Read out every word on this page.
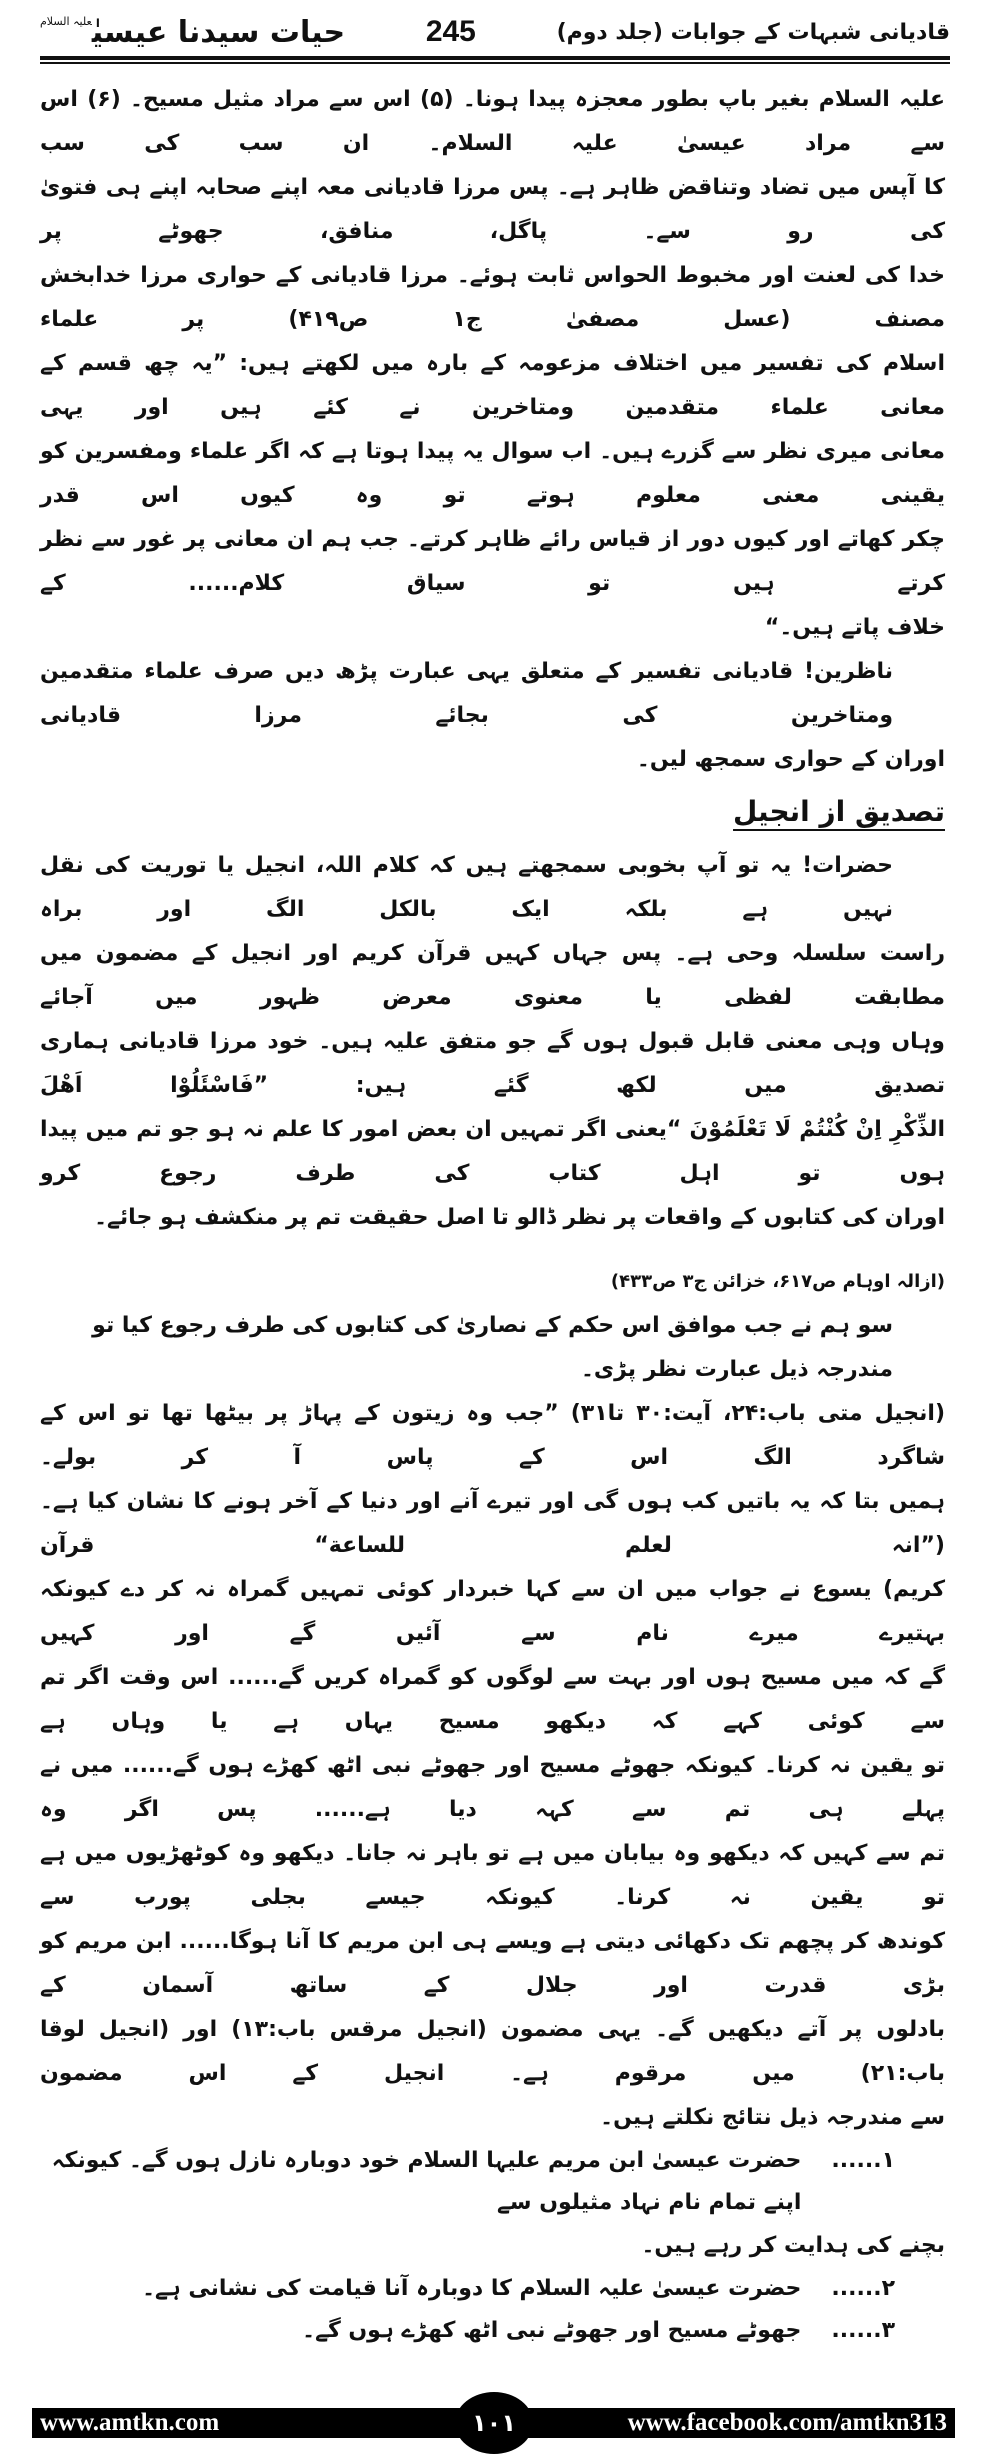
قادیانی شبہات کے جوابات (جلد دوم)
245
حیات سیدنا عیسیٰ$^{علیہ السلام}$
علیہ السلام بغیر باپ بطور معجزہ پیدا ہونا۔ (۵) اس سے مراد مثیل مسیح۔ (۶) اس سے مراد عیسیٰ علیہ السلام۔ ان سب کی سب
کا آپس میں تضاد وتناقض ظاہر ہے۔ پس مرزا قادیانی معہ اپنے صحابہ اپنے ہی فتویٰ کی رو سے۔ پاگل، منافق، جھوٹے پر
خدا کی لعنت اور مخبوط الحواس ثابت ہوئے۔ مرزا قادیانی کے حواری مرزا خدابخش مصنف (عسل مصفیٰ ج۱ ص۴۱۹) پر علماء
اسلام کی تفسیر میں اختلاف مزعومہ کے بارہ میں لکھتے ہیں: ”یہ چھ قسم کے معانی علماء متقدمین ومتاخرین نے کئے ہیں اور یہی
معانی میری نظر سے گزرے ہیں۔ اب سوال یہ پیدا ہوتا ہے کہ اگر علماء ومفسرین کو یقینی معنی معلوم ہوتے تو وہ کیوں اس قدر
چکر کھاتے اور کیوں دور از قیاس رائے ظاہر کرتے۔ جب ہم ان معانی پر غور سے نظر کرتے ہیں تو سیاق کلام...... کے
خلاف پاتے ہیں۔“
ناظرین! قادیانی تفسیر کے متعلق یہی عبارت پڑھ دیں صرف علماء متقدمین ومتاخرین کی بجائے مرزا قادیانی
اوران کے حواری سمجھ لیں۔
تصدیق از انجیل
حضرات! یہ تو آپ بخوبی سمجھتے ہیں کہ کلام اللہ، انجیل یا توریت کی نقل نہیں ہے بلکہ ایک بالکل الگ اور براہ
راست سلسلہ وحی ہے۔ پس جہاں کہیں قرآن کریم اور انجیل کے مضمون میں مطابقت لفظی یا معنوی معرض ظہور میں آجائے
وہاں وہی معنی قابل قبول ہوں گے جو متفق علیہ ہیں۔ خود مرزا قادیانی ہماری تصدیق میں لکھ گئے ہیں: ”فَاسْئَلُوْا اَهْلَ
الذِّکْرِ اِنْ کُنْتُمْ لَا تَعْلَمُوْنَ “یعنی اگر تمہیں ان بعض امور کا علم نہ ہو جو تم میں پیدا ہوں تو اہل کتاب کی طرف رجوع کرو
اوران کی کتابوں کے واقعات پر نظر ڈالو تا اصل حقیقت تم پر منکشف ہو جائے۔
(ازالہ اوہام ص۶۱۷، خزائن ج۳ ص۴۳۳)
سو ہم نے جب موافق اس حکم کے نصاریٰ کی کتابوں کی طرف رجوع کیا تو مندرجہ ذیل عبارت نظر پڑی۔
(انجیل متی باب:۲۴، آیت:۳۰ تا۳۱) ”جب وہ زیتون کے پہاڑ پر بیٹھا تھا تو اس کے شاگرد الگ اس کے پاس آ کر بولے۔
ہمیں بتا کہ یہ باتیں کب ہوں گی اور تیرے آنے اور دنیا کے آخر ہونے کا نشان کیا ہے۔ (”انہ لعلم للساعة“ قرآن
کریم) یسوع نے جواب میں ان سے کہا خبردار کوئی تمہیں گمراہ نہ کر دے کیونکہ بہتیرے میرے نام سے آئیں گے اور کہیں
گے کہ میں مسیح ہوں اور بہت سے لوگوں کو گمراہ کریں گے...... اس وقت اگر تم سے کوئی کہے کہ دیکھو مسیح یہاں ہے یا وہاں ہے
تو یقین نہ کرنا۔ کیونکہ جھوٹے مسیح اور جھوٹے نبی اٹھ کھڑے ہوں گے...... میں نے پہلے ہی تم سے کہہ دیا ہے...... پس اگر وہ
تم سے کہیں کہ دیکھو وہ بیابان میں ہے تو باہر نہ جانا۔ دیکھو وہ کوٹھڑیوں میں ہے تو یقین نہ کرنا۔ کیونکہ جیسے بجلی پورب سے
کوندھ کر پچھم تک دکھائی دیتی ہے ویسے ہی ابن مریم کا آنا ہوگا...... ابن مریم کو بڑی قدرت اور جلال کے ساتھ آسمان کے
بادلوں پر آتے دیکھیں گے۔ یہی مضمون (انجیل مرقس باب:۱۳) اور (انجیل لوقا باب:۲۱) میں مرقوم ہے۔ انجیل کے اس مضمون
سے مندرجہ ذیل نتائج نکلتے ہیں۔
۱......
حضرت عیسیٰ ابن مریم علیہا السلام خود دوبارہ نازل ہوں گے۔ کیونکہ اپنے تمام نام نہاد مثیلوں سے
بچنے کی ہدایت کر رہے ہیں۔
۲......
حضرت عیسیٰ علیہ السلام کا دوبارہ آنا قیامت کی نشانی ہے۔
۳......
جھوٹے مسیح اور جھوٹے نبی اٹھ کھڑے ہوں گے۔
www.amtkn.com	www.facebook.com/amtkn313
۱۰۱
